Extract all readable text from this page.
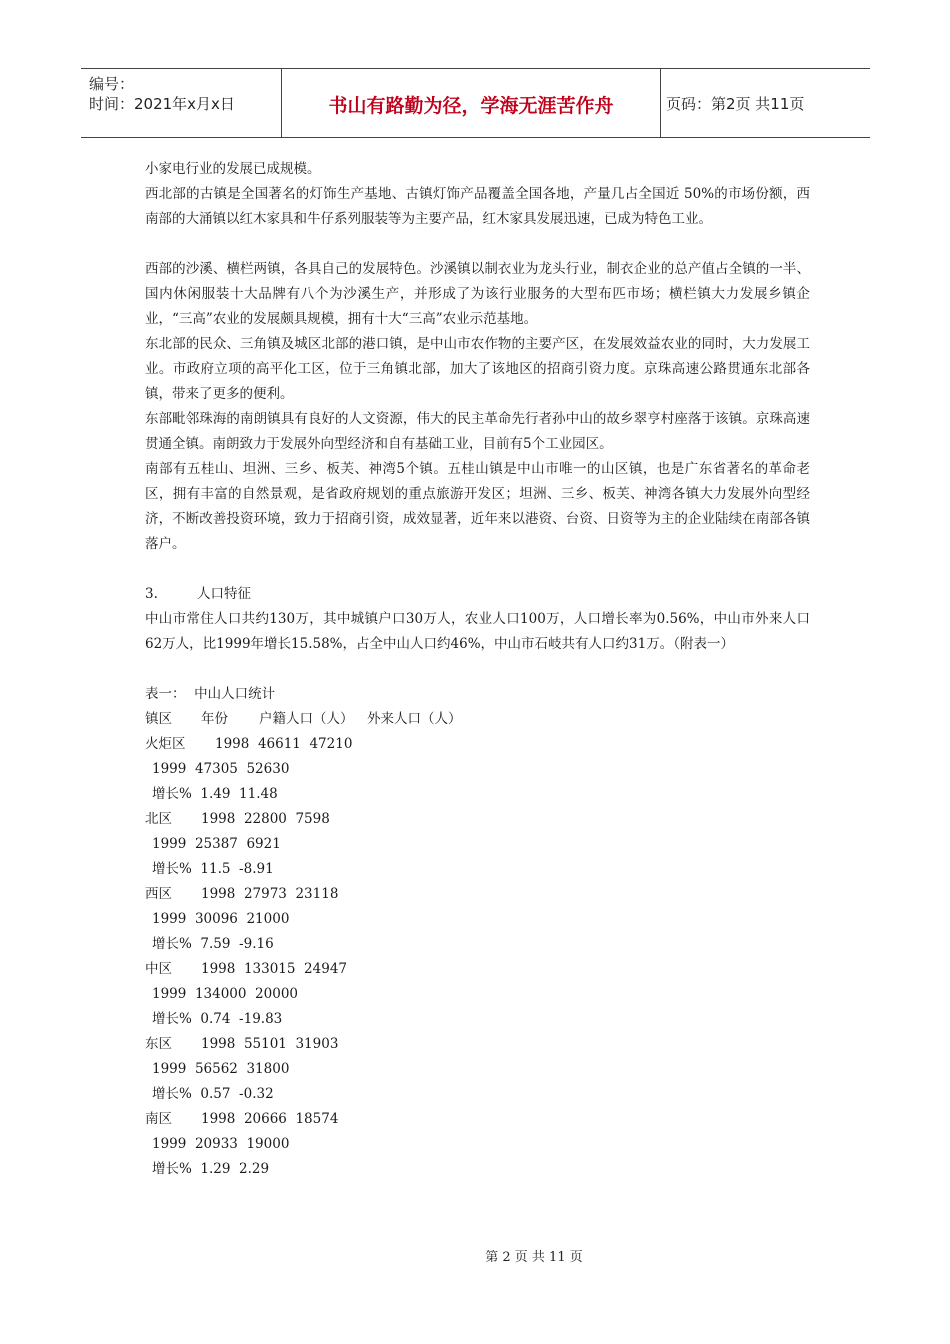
编号：
时间：2021年x月x日	书山有路勤为径，学海无涯苦作舟	页码：第2页 共11页

小家电行业的发展已成规模。

西北部的古镇是全国著名的灯饰生产基地、古镇灯饰产品覆盖全国各地，产量几占全国近 50%的市场份额，西南部的大涌镇以红木家具和牛仔系列服装等为主要产品，红木家具发展迅速，已成为特色工业。

西部的沙溪、横栏两镇，各具自己的发展特色。沙溪镇以制衣业为龙头行业，制衣企业的总产值占全镇的一半、国内休闲服装十大品牌有八个为沙溪生产，并形成了为该行业服务的大型布匹市场；横栏镇大力发展乡镇企业，“三高”农业的发展颇具规模，拥有十大“三高”农业示范基地。

东北部的民众、三角镇及城区北部的港口镇，是中山市农作物的主要产区，在发展效益农业的同时，大力发展工业。市政府立项的高平化工区，位于三角镇北部，加大了该地区的招商引资力度。京珠高速公路贯通东北部各镇，带来了更多的便利。

东部毗邻珠海的南朗镇具有良好的人文资源，伟大的民主革命先行者孙中山的故乡翠亨村座落于该镇。京珠高速贯通全镇。南朗致力于发展外向型经济和自有基础工业，目前有5个工业园区。

南部有五桂山、坦洲、三乡、板芙、神湾5个镇。五桂山镇是中山市唯一的山区镇，也是广东省著名的革命老区，拥有丰富的自然景观，是省政府规划的重点旅游开发区；坦洲、三乡、板芙、神湾各镇大力发展外向型经济，不断改善投资环境，致力于招商引资，成效显著，近年来以港资、台资、日资等为主的企业陆续在南部各镇落户。

3.	人口特征

中山市常住人口共约130万，其中城镇户口30万人，农业人口100万，人口增长率为0.56%，中山市外来人口62万人，比1999年增长15.58%，占全中山人口约46%，中山市石岐共有人口约31万。（附表一）

表一：  中山人口统计

镇区 年份 户籍人口（人） 外来人口（人）

火炬区 1998  46611  47210

1999  47305  52630

增长%  1.49  11.48

北区 1998  22800  7598

1999  25387  6921

增长%  11.5  -8.91

西区 1998  27973  23118

1999  30096  21000

增长%  7.59  -9.16

中区 1998  133015  24947

1999  134000  20000

增长%  0.74  -19.83

东区 1998  55101  31903

1999  56562  31800

增长%  0.57  -0.32

南区 1998  20666  18574

1999  20933  19000

增长%  1.29  2.29

第 2 页 共 11 页
